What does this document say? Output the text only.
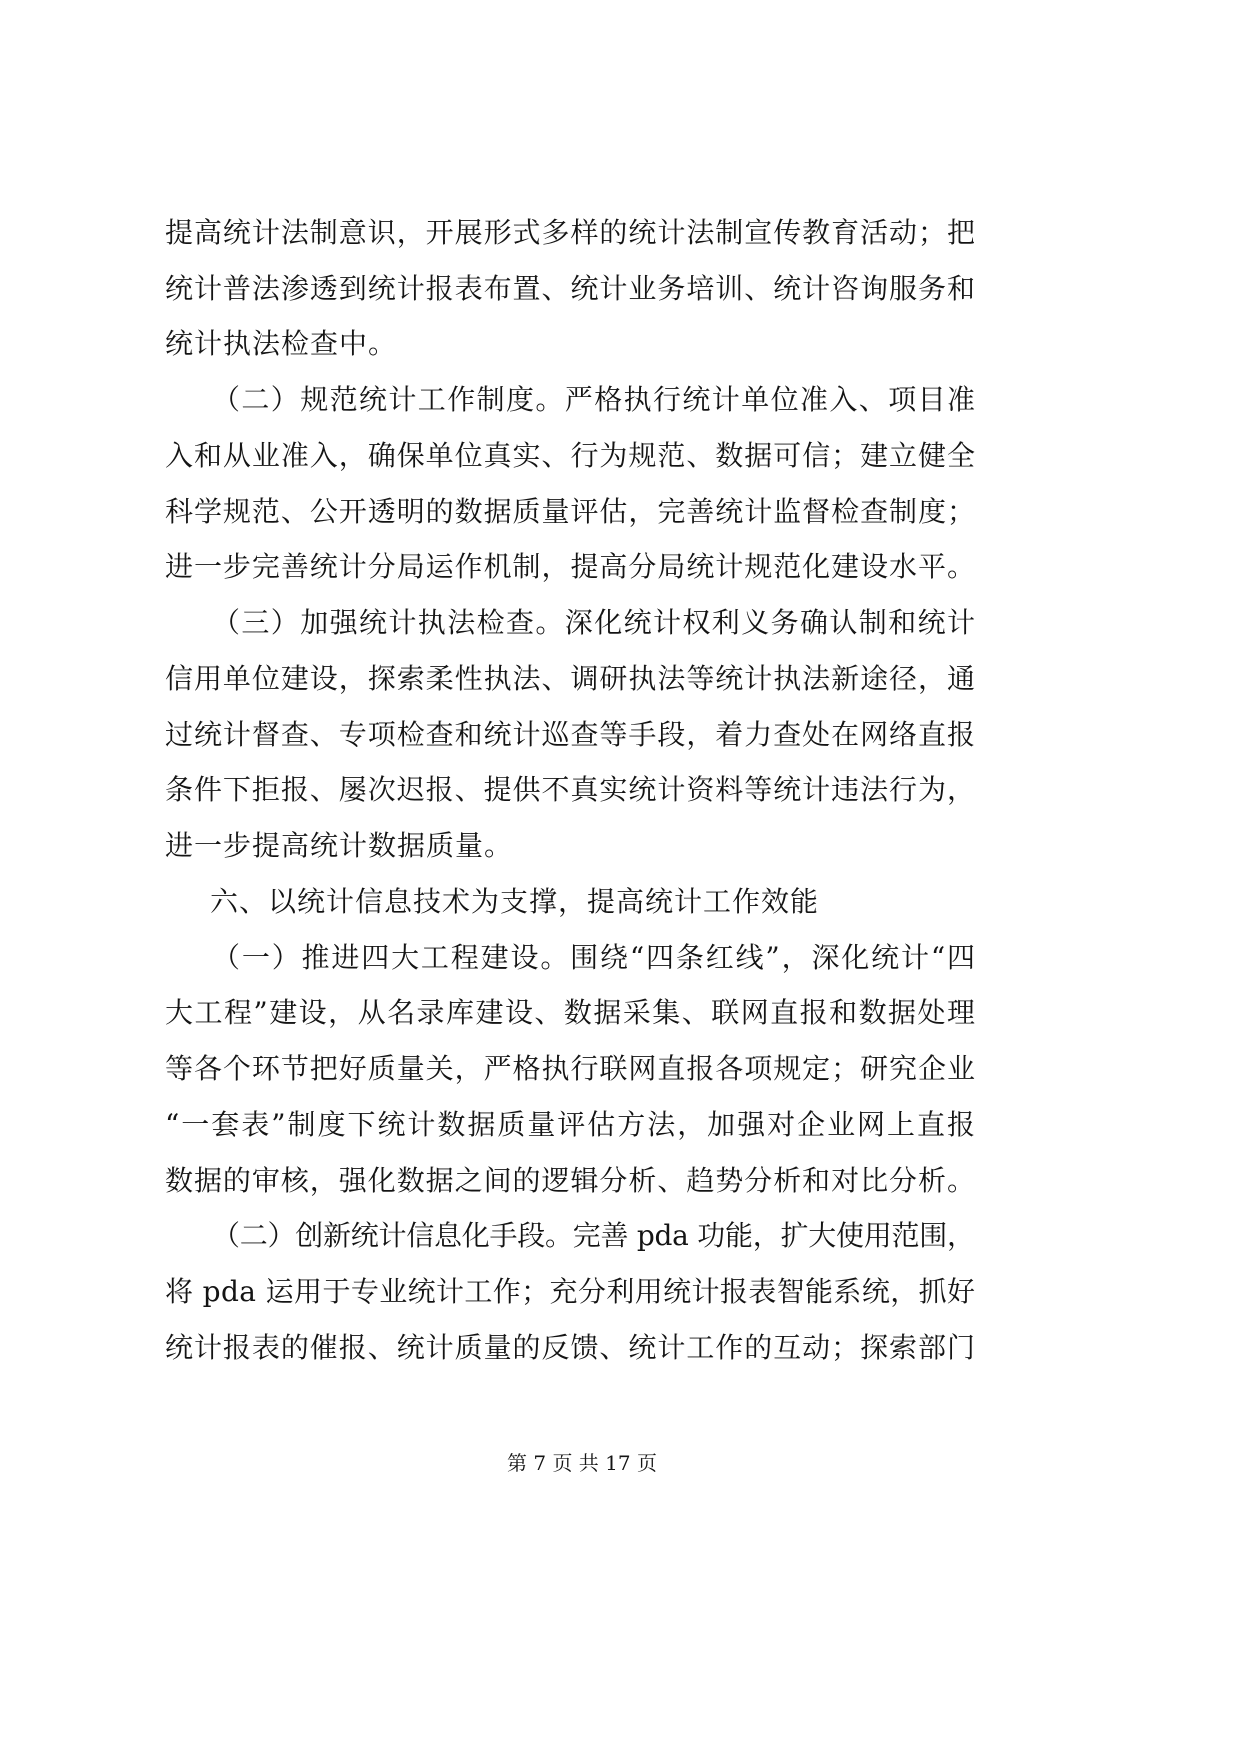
提高统计法制意识，开展形式多样的统计法制宣传教育活动；把
统计普法渗透到统计报表布置、统计业务培训、统计咨询服务和
统计执法检查中。
（二）规范统计工作制度。严格执行统计单位准入、项目准
入和从业准入，确保单位真实、行为规范、数据可信；建立健全
科学规范、公开透明的数据质量评估，完善统计监督检查制度；
进一步完善统计分局运作机制，提高分局统计规范化建设水平。
（三）加强统计执法检查。深化统计权利义务确认制和统计
信用单位建设，探索柔性执法、调研执法等统计执法新途径，通
过统计督查、专项检查和统计巡查等手段，着力查处在网络直报
条件下拒报、屡次迟报、提供不真实统计资料等统计违法行为，
进一步提高统计数据质量。
六、以统计信息技术为支撑，提高统计工作效能
（一）推进四大工程建设。围绕“四条红线”，深化统计“四
大工程”建设，从名录库建设、数据采集、联网直报和数据处理
等各个环节把好质量关，严格执行联网直报各项规定；研究企业
“一套表”制度下统计数据质量评估方法，加强对企业网上直报
数据的审核，强化数据之间的逻辑分析、趋势分析和对比分析。
（二）创新统计信息化手段。完善 pda 功能，扩大使用范围，
将 pda 运用于专业统计工作；充分利用统计报表智能系统，抓好
统计报表的催报、统计质量的反馈、统计工作的互动；探索部门
第 7 页 共 17 页
